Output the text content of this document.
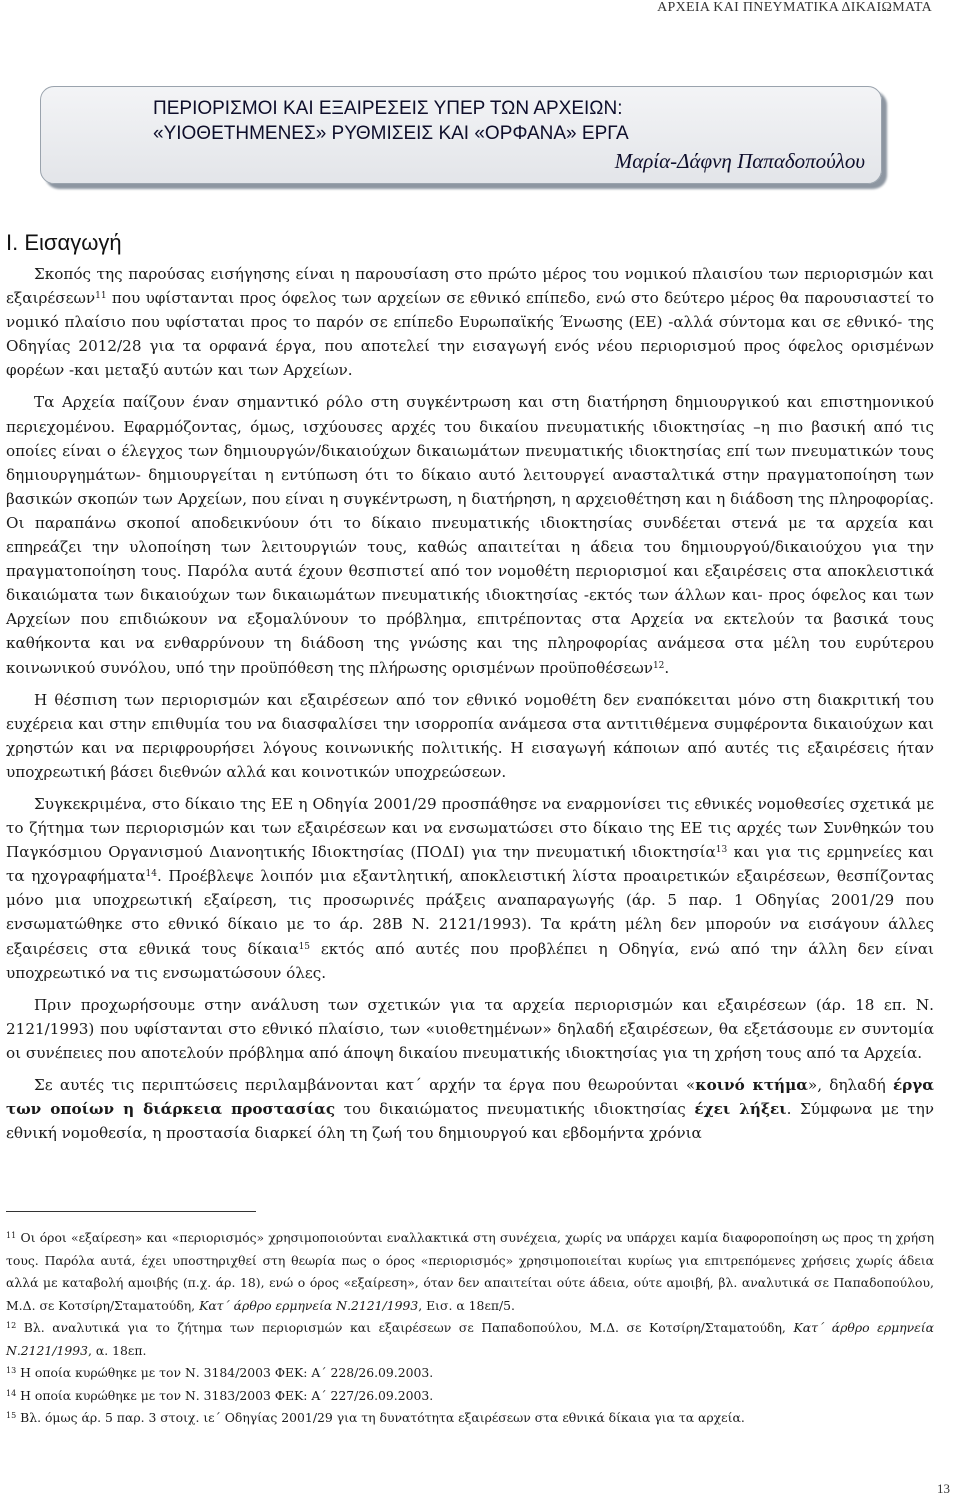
ΑΡΧΕΙΑ ΚΑΙ ΠΝΕΥΜΑΤΙΚΑ ΔΙΚΑΙΩΜΑΤΑ
ΠΕΡΙΟΡΙΣΜΟΙ ΚΑΙ ΕΞΑΙΡΕΣΕΙΣ ΥΠΕΡ ΤΩΝ ΑΡΧΕΙΩΝ:
«ΥΙΟΘΕΤΗΜΕΝΕΣ» ΡΥΘΜΙΣΕΙΣ ΚΑΙ «ΟΡΦΑΝΑ» ΕΡΓΑ
Μαρία-Δάφνη Παπαδοπούλου
Ι. Εισαγωγή

Σκοπός της παρούσας εισήγησης είναι η παρουσίαση στο πρώτο μέρος του νομικού πλαισίου των περιορισμών και εξαιρέσεων$^{11}$ που υφίστανται προς όφελος των αρχείων σε εθνικό επίπεδο, ενώ στο δεύτερο μέρος θα παρουσιαστεί το νομικό πλαίσιο που υφίσταται προς το παρόν σε επίπεδο Ευρωπαϊκής Ένωσης (ΕΕ) -αλλά σύντομα και σε εθνικό- της Οδηγίας 2012/28 για τα ορφανά έργα, που αποτελεί την εισαγωγή ενός νέου περιορισμού προς όφελος ορισμένων φορέων -και μεταξύ αυτών και των Αρχείων.

Τα Αρχεία παίζουν έναν σημαντικό ρόλο στη συγκέντρωση και στη διατήρηση δημιουργικού και επιστημονικού περιεχομένου. Εφαρμόζοντας, όμως, ισχύουσες αρχές του δικαίου πνευματικής ιδιοκτησίας –η πιο βασική από τις οποίες είναι ο έλεγχος των δημιουργών/δικαιούχων δικαιωμάτων πνευματικής ιδιοκτησίας επί των πνευματικών τους δημιουργημάτων- δημιουργείται η εντύπωση ότι το δίκαιο αυτό λειτουργεί ανασταλτικά στην πραγματοποίηση των βασικών σκοπών των Αρχείων, που είναι η συγκέντρωση, η διατήρηση, η αρχειοθέτηση και η διάδοση της πληροφορίας. Οι παραπάνω σκοποί αποδεικνύουν ότι το δίκαιο πνευματικής ιδιοκτησίας συνδέεται στενά με τα αρχεία και επηρεάζει την υλοποίηση των λειτουργιών τους, καθώς απαιτείται η άδεια του δημιουργού/δικαιούχου για την πραγματοποίηση τους. Παρόλα αυτά έχουν θεσπιστεί από τον νομοθέτη περιορισμοί και εξαιρέσεις στα αποκλειστικά δικαιώματα των δικαιούχων των δικαιωμάτων πνευματικής ιδιοκτησίας -εκτός των άλλων και- προς όφελος και των Αρχείων που επιδιώκουν να εξομαλύνουν το πρόβλημα, επιτρέποντας στα Αρχεία να εκτελούν τα βασικά τους καθήκοντα και να ενθαρρύνουν τη διάδοση της γνώσης και της πληροφορίας ανάμεσα στα μέλη του ευρύτερου κοινωνικού συνόλου, υπό την προϋπόθεση της πλήρωσης ορισμένων προϋποθέσεων$^{12}$.

Η θέσπιση των περιορισμών και εξαιρέσεων από τον εθνικό νομοθέτη δεν εναπόκειται μόνο στη διακριτική του ευχέρεια και στην επιθυμία του να διασφαλίσει την ισορροπία ανάμεσα στα αντιτιθέμενα συμφέροντα δικαιούχων και χρηστών και να περιφρουρήσει λόγους κοινωνικής πολιτικής. Η εισαγωγή κάποιων από αυτές τις εξαιρέσεις ήταν υποχρεωτική βάσει διεθνών αλλά και κοινοτικών υποχρεώσεων.

Συγκεκριμένα, στο δίκαιο της ΕΕ η Οδηγία 2001/29 προσπάθησε να εναρμονίσει τις εθνικές νομοθεσίες σχετικά με το ζήτημα των περιορισμών και των εξαιρέσεων και να ενσωματώσει στο δίκαιο της ΕΕ τις αρχές των Συνθηκών του Παγκόσμιου Οργανισμού Διανοητικής Ιδιοκτησίας (ΠΟΔΙ) για την πνευματική ιδιοκτησία$^{13}$ και για τις ερμηνείες και τα ηχογραφήματα$^{14}$. Προέβλεψε λοιπόν μια εξαντλητική, αποκλειστική λίστα προαιρετικών εξαιρέσεων, θεσπίζοντας μόνο μια υποχρεωτική εξαίρεση, τις προσωρινές πράξεις αναπαραγωγής (άρ. 5 παρ. 1 Οδηγίας 2001/29 που ενσωματώθηκε στο εθνικό δίκαιο με το άρ. 28Β Ν. 2121/1993). Τα κράτη μέλη δεν μπορούν να εισάγουν άλλες εξαιρέσεις στα εθνικά τους δίκαια$^{15}$ εκτός από αυτές που προβλέπει η Οδηγία, ενώ από την άλλη δεν είναι υποχρεωτικό να τις ενσωματώσουν όλες.

Πριν προχωρήσουμε στην ανάλυση των σχετικών για τα αρχεία περιορισμών και εξαιρέσεων (άρ. 18 επ. Ν. 2121/1993) που υφίστανται στο εθνικό πλαίσιο, των «υιοθετημένων» δηλαδή εξαιρέσεων, θα εξετάσουμε εν συντομία οι συνέπειες που αποτελούν πρόβλημα από άποψη δικαίου πνευματικής ιδιοκτησίας για τη χρήση τους από τα Αρχεία.

Σε αυτές τις περιπτώσεις περιλαμβάνονται κατ΄ αρχήν τα έργα που θεωρούνται «κοινό κτήμα», δηλαδή έργα των οποίων η διάρκεια προστασίας του δικαιώματος πνευματικής ιδιοκτησίας έχει λήξει. Σύμφωνα με την εθνική νομοθεσία, η προστασία διαρκεί όλη τη ζωή του δημιουργού και εβδομήντα χρόνια

$^{11}$ Οι όροι «εξαίρεση» και «περιορισμός» χρησιμοποιούνται εναλλακτικά στη συνέχεια, χωρίς να υπάρχει καμία διαφοροποίηση ως προς τη χρήση τους. Παρόλα αυτά, έχει υποστηριχθεί στη θεωρία πως ο όρος «περιορισμός» χρησιμοποιείται κυρίως για επιτρεπόμενες χρήσεις χωρίς άδεια αλλά με καταβολή αμοιβής (π.χ. άρ. 18), ενώ ο όρος «εξαίρεση», όταν δεν απαιτείται ούτε άδεια, ούτε αμοιβή, βλ. αναλυτικά σε Παπαδοπούλου, Μ.Δ. σε Κοτσίρη/Σταματούδη, Κατ΄ άρθρο ερμηνεία Ν.2121/1993, Εισ. α 18επ/5.

$^{12}$ Βλ. αναλυτικά για το ζήτημα των περιορισμών και εξαιρέσεων σε Παπαδοπούλου, Μ.Δ. σε Κοτσίρη/Σταματούδη, Κατ΄ άρθρο ερμηνεία Ν.2121/1993, α. 18επ.

$^{13}$ Η οποία κυρώθηκε με τον Ν. 3184/2003 ΦΕΚ: Α΄ 228/26.09.2003.

$^{14}$ Η οποία κυρώθηκε με τον Ν. 3183/2003 ΦΕΚ: Α΄ 227/26.09.2003.

$^{15}$ Βλ. όμως άρ. 5 παρ. 3 στοιχ. ιε΄ Οδηγίας 2001/29 για τη δυνατότητα εξαιρέσεων στα εθνικά δίκαια για τα αρχεία.

13
